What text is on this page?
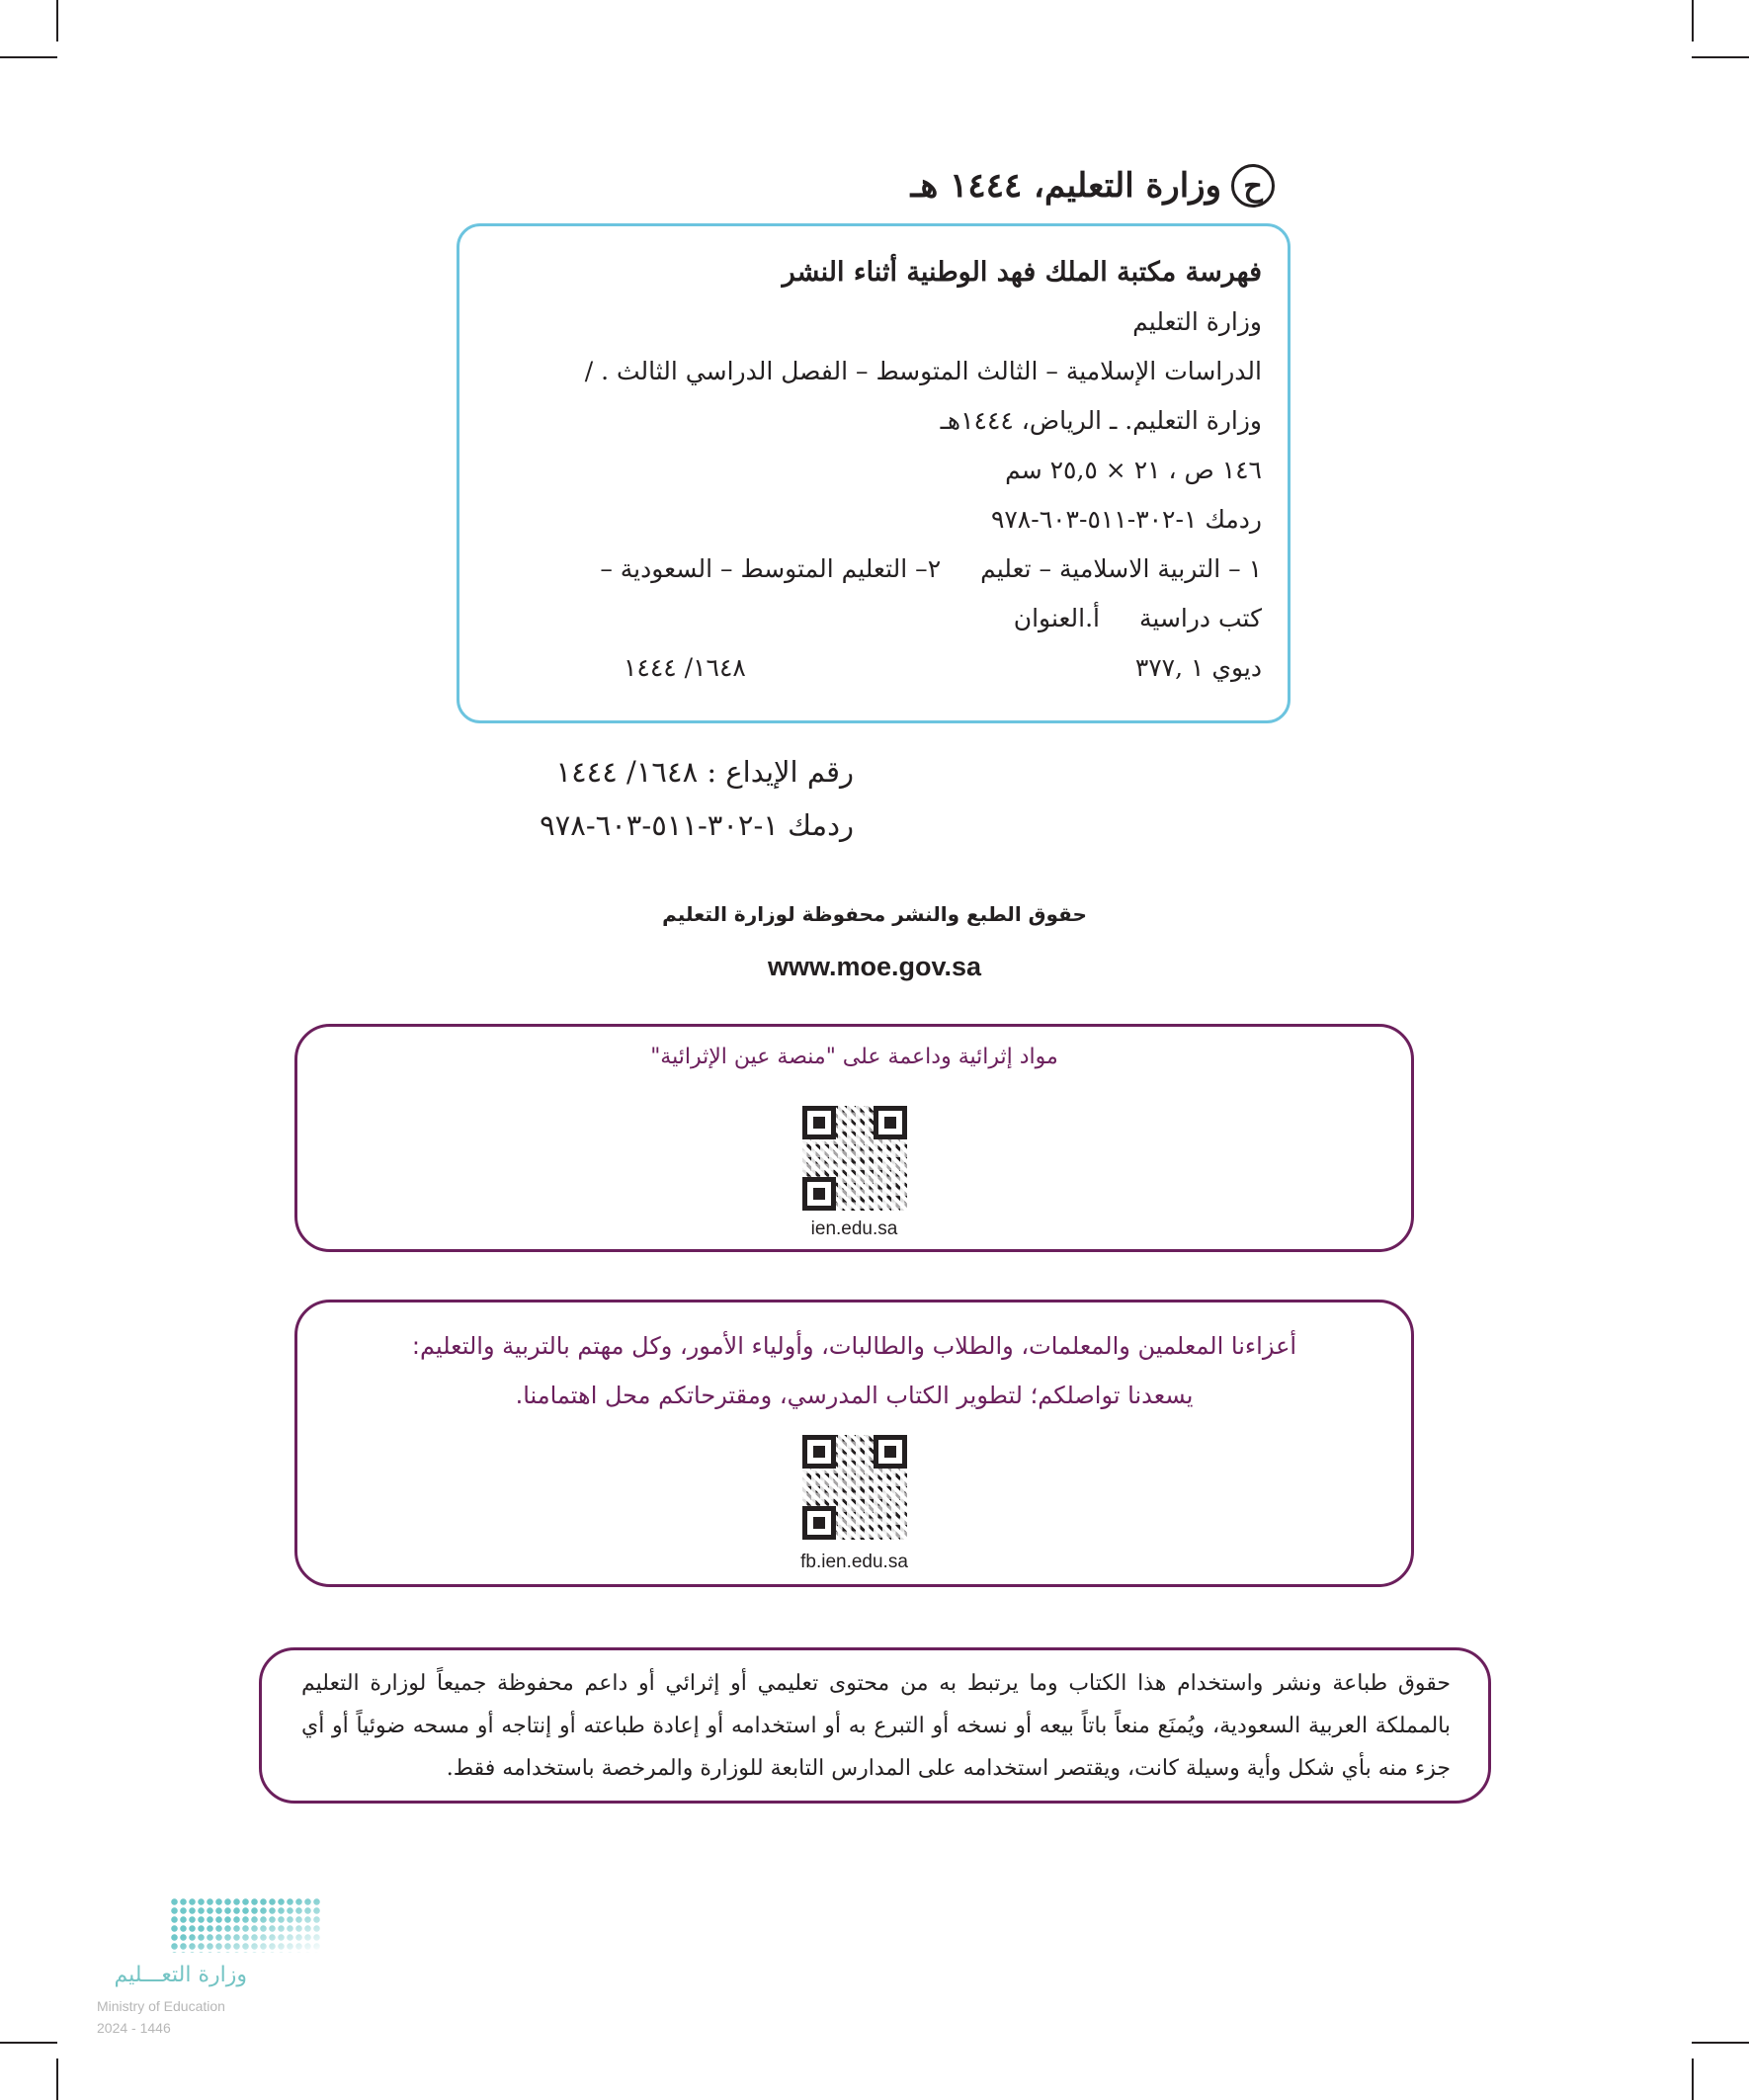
ح
وزارة التعليم، ١٤٤٤ هـ
فهرسة مكتبة الملك فهد الوطنية أثناء النشر
وزارة التعليم
الدراسات الإسلامية – الثالث المتوسط – الفصل الدراسي الثالث . /
وزارة التعليم. ـ الرياض، ١٤٤٤هـ
١٤٦ ص ، ٢١ × ٢٥,٥ سم
ردمك ١-٣٠٢-٥١١-٦٠٣-٩٧٨
١ – التربية الاسلامية – تعليم٢– التعليم المتوسط – السعودية –
كتب دراسيةأ.العنوان
ديوي ١ ,٣٧٧
١٦٤٨/ ١٤٤٤
رقم الإيداع : ١٦٤٨/ ١٤٤٤
ردمك ١-٣٠٢-٥١١-٦٠٣-٩٧٨
حقوق الطبع والنشر محفوظة لوزارة التعليم
www.moe.gov.sa
مواد إثرائية وداعمة على "منصة عين الإثرائية"
ien.edu.sa
أعزاءنا المعلمين والمعلمات، والطلاب والطالبات، وأولياء الأمور، وكل مهتم بالتربية والتعليم:
يسعدنا تواصلكم؛ لتطوير الكتاب المدرسي، ومقترحاتكم محل اهتمامنا.
fb.ien.edu.sa
حقوق طباعة ونشر واستخدام هذا الكتاب وما يرتبط به من محتوى تعليمي أو إثرائي أو داعم محفوظة جميعاً لوزارة التعليم بالمملكة العربية السعودية، ويُمنَع منعاً باتاً بيعه أو نسخه أو التبرع به أو استخدامه أو إعادة طباعته أو إنتاجه أو مسحه ضوئياً أو أي جزء منه بأي شكل وأية وسيلة كانت، ويقتصر استخدامه على المدارس التابعة للوزارة والمرخصة باستخدامه فقط.
وزارة التعـــليم
Ministry of Education
2024 - 1446
